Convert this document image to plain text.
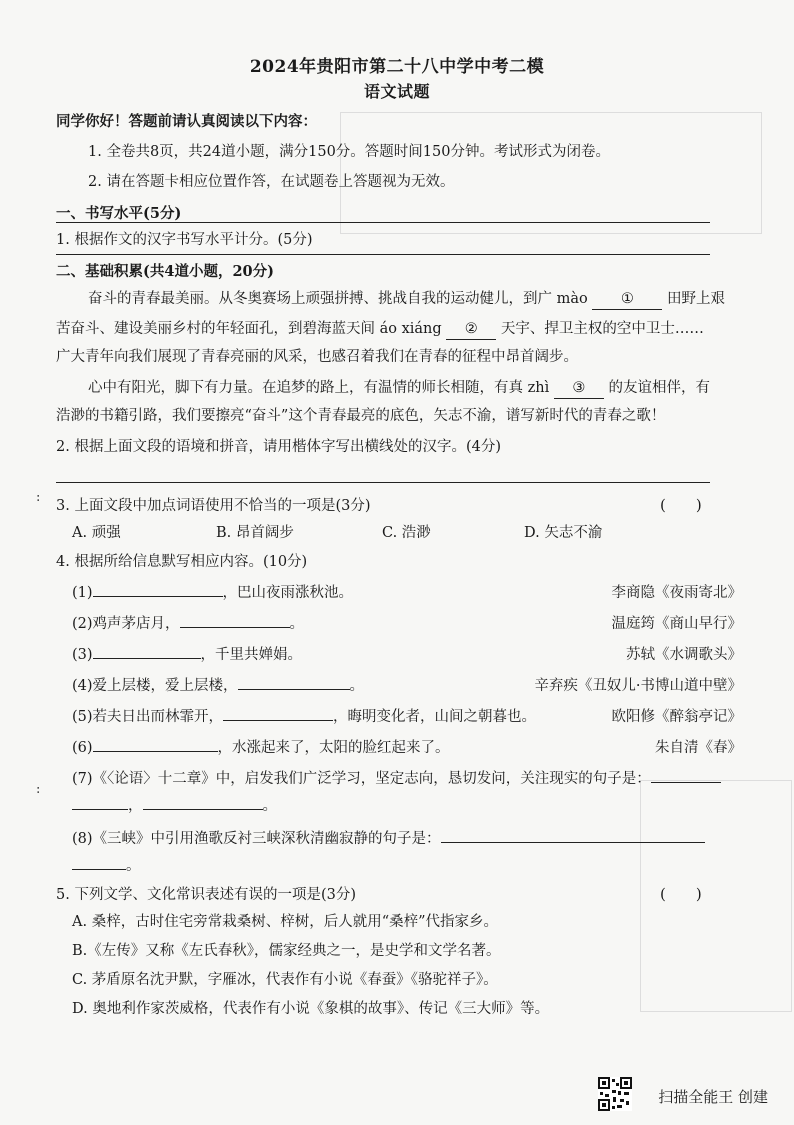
2024年贵阳市第二十八中学中考二模
语文试题
同学你好！答题前请认真阅读以下内容：
1. 全卷共8页，共24道小题，满分150分。答题时间150分钟。考试形式为闭卷。
2. 请在答题卡相应位置作答，在试题卷上答题视为无效。
一、书写水平(5分)
1. 根据作文的汉字书写水平计分。(5分)
二、基础积累(共4道小题，20分)
奋斗的青春最美丽。从冬奥赛场上顽强拼搏、挑战自我的运动健儿，到广 mào ① 田野上艰
苦奋斗、建设美丽乡村的年轻面孔，到碧海蓝天间 áo xiáng ② 天宇、捍卫主权的空中卫士……
广大青年向我们展现了青春亮丽的风采，也感召着我们在青春的征程中昂首阔步。
心中有阳光，脚下有力量。在追梦的路上，有温情的师长相随，有真 zhì ③ 的友谊相伴，有
浩渺的书籍引路，我们要擦亮“奋斗”这个青春最亮的底色，矢志不渝，谱写新时代的青春之歌！
2. 根据上面文段的语境和拼音，请用楷体字写出横线处的汉字。(4分)
:
3. 上面文段中加点词语使用不恰当的一项是(3分)	(　　)
A. 顽强	B. 昂首阔步	C. 浩渺	D. 矢志不渝
4. 根据所给信息默写相应内容。(10分)
(1)	，巴山夜雨涨秋池。	李商隐《夜雨寄北》
(2)鸡声茅店月，	。	温庭筠《商山早行》
(3)	，千里共婵娟。	苏轼《水调歌头》
(4)爱上层楼，爱上层楼，	。	辛弃疾《丑奴儿·书博山道中壁》
(5)若夫日出而林霏开，	，晦明变化者，山间之朝暮也。	欧阳修《醉翁亭记》
(6)	，水涨起来了，太阳的脸红起来了。	朱自清《春》
(7)《〈论语〉十二章》中，启发我们广泛学习，坚定志向，恳切发问，关注现实的句子是：
:
，	。
(8)《三峡》中引用渔歌反衬三峡深秋清幽寂静的句子是：
。
5. 下列文学、文化常识表述有误的一项是(3分)	(　　)
A. 桑梓，古时住宅旁常栽桑树、梓树，后人就用“桑梓”代指家乡。
B.《左传》又称《左氏春秋》，儒家经典之一，是史学和文学名著。
C. 茅盾原名沈尹默，字雁冰，代表作有小说《春蚕》《骆驼祥子》。
D. 奥地利作家茨威格，代表作有小说《象棋的故事》、传记《三大师》等。
扫描全能王 创建
